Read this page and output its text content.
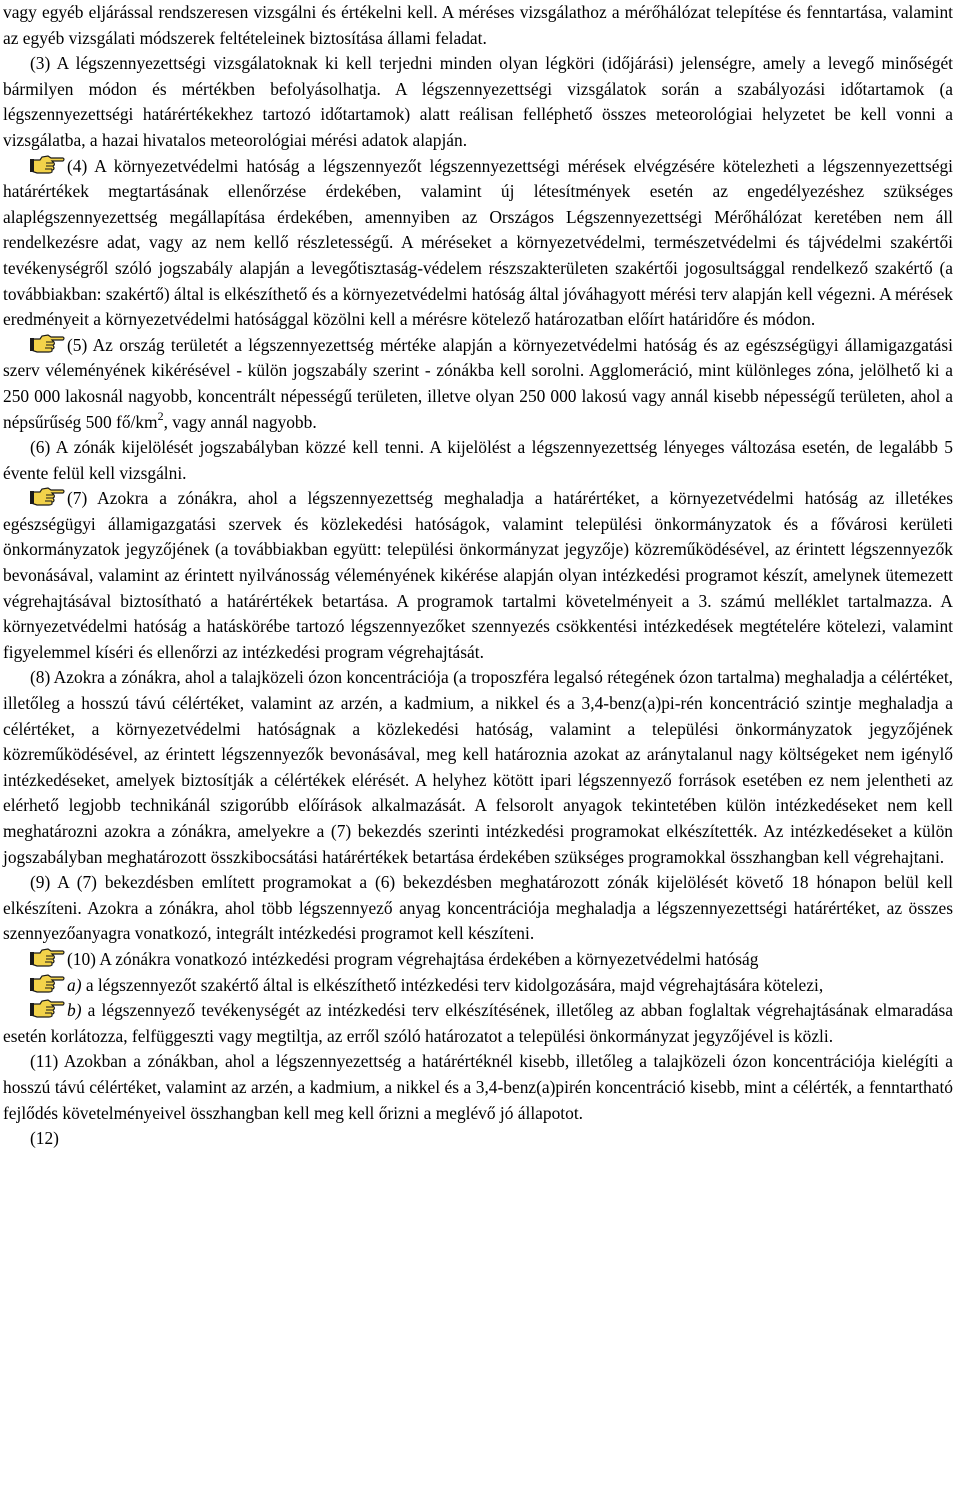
vagy egyéb eljárással rendszeresen vizsgálni és értékelni kell. A méréses vizsgálathoz a mérőhálózat telepítése és fenntartása, valamint az egyéb vizsgálati módszerek feltételeinek biztosítása állami feladat.

(3) A légszennyezettségi vizsgálatoknak ki kell terjedni minden olyan légköri (időjárási) jelenségre, amely a levegő minőségét bármilyen módon és mértékben befolyásolhatja. A légszennyezettségi vizsgálatok során a szabályozási időtartamok (a légszennyezettségi határértékekhez tartozó időtartamok) alatt reálisan felléphető összes meteorológiai helyzetet be kell vonni a vizsgálatba, a hazai hivatalos meteorológiai mérési adatok alapján.

(4) A környezetvédelmi hatóság a légszennyezőt légszennyezettségi mérések elvégzésére kötelezheti a légszennyezettségi határértékek megtartásának ellenőrzése érdekében, valamint új létesítmények esetén az engedélyezéshez szükséges alaplégszennyezettség megállapítása érdekében, amennyiben az Országos Légszennyezettségi Mérőhálózat keretében nem áll rendelkezésre adat, vagy az nem kellő részletességű. A méréseket a környezetvédelmi, természetvédelmi és tájvédelmi szakértői tevékenységről szóló jogszabály alapján a levegőtisztaság-védelem részszakterületen szakértői jogosultsággal rendelkező szakértő (a továbbiakban: szakértő) által is elkészíthető és a környezetvédelmi hatóság által jóváhagyott mérési terv alapján kell végezni. A mérések eredményeit a környezetvédelmi hatósággal közölni kell a mérésre kötelező határozatban előírt határidőre és módon.

(5) Az ország területét a légszennyezettség mértéke alapján a környezetvédelmi hatóság és az egészségügyi államigazgatási szerv véleményének kikérésével - külön jogszabály szerint - zónákba kell sorolni. Agglomeráció, mint különleges zóna, jelölhető ki a 250 000 lakosnál nagyobb, koncentrált népességű területen, illetve olyan 250 000 lakosú vagy annál kisebb népességű területen, ahol a népsűrűség 500 $fő/km^2$, vagy annál nagyobb.

(6) A zónák kijelölését jogszabályban közzé kell tenni. A kijelölést a légszennyezettség lényeges változása esetén, de legalább 5 évente felül kell vizsgálni.

(7) Azokra a zónákra, ahol a légszennyezettség meghaladja a határértéket, a környezetvédelmi hatóság az illetékes egészségügyi államigazgatási szervek és közlekedési hatóságok, valamint települési önkormányzatok és a fővárosi kerületi önkormányzatok jegyzőjének (a továbbiakban együtt: települési önkormányzat jegyzője) közreműködésével, az érintett légszennyezők bevonásával, valamint az érintett nyilvánosság véleményének kikérése alapján olyan intézkedési programot készít, amelynek ütemezett végrehajtásával biztosítható a határértékek betartása. A programok tartalmi követelményeit a 3. számú melléklet tartalmazza. A környezetvédelmi hatóság a hatáskörébe tartozó légszennyezőket szennyezés csökkentési intézkedések megtételére kötelezi, valamint figyelemmel kíséri és ellenőrzi az intézkedési program végrehajtását.

(8) Azokra a zónákra, ahol a talajközeli ózon koncentrációja (a troposzféra legalsó rétegének ózon tartalma) meghaladja a célértéket, illetőleg a hosszú távú célértéket, valamint az arzén, a kadmium, a nikkel és a 3,4-benz(a)pi-rén koncentráció szintje meghaladja a célértéket, a környezetvédelmi hatóságnak a közlekedési hatóság, valamint a települési önkormányzatok jegyzőjének közreműködésével, az érintett légszennyezők bevonásával, meg kell határoznia azokat az aránytalanul nagy költségeket nem igénylő intézkedéseket, amelyek biztosítják a célértékek elérését. A helyhez kötött ipari légszennyező források esetében ez nem jelentheti az elérhető legjobb technikánál szigorúbb előírások alkalmazását. A felsorolt anyagok tekintetében külön intézkedéseket nem kell meghatározni azokra a zónákra, amelyekre a (7) bekezdés szerinti intézkedési programokat elkészítették. Az intézkedéseket a külön jogszabályban meghatározott összkibocsátási határértékek betartása érdekében szükséges programokkal összhangban kell végrehajtani.

(9) A (7) bekezdésben említett programokat a (6) bekezdésben meghatározott zónák kijelölését követő 18 hónapon belül kell elkészíteni. Azokra a zónákra, ahol több légszennyező anyag koncentrációja meghaladja a légszennyezettségi határértéket, az összes szennyezőanyagra vonatkozó, integrált intézkedési programot kell készíteni.

(10) A zónákra vonatkozó intézkedési program végrehajtása érdekében a környezetvédelmi hatóság

a) a légszennyezőt szakértő által is elkészíthető intézkedési terv kidolgozására, majd végrehajtására kötelezi,

b) a légszennyező tevékenységét az intézkedési terv elkészítésének, illetőleg az abban foglaltak végrehajtásának elmaradása esetén korlátozza, felfüggeszti vagy megtiltja, az erről szóló határozatot a települési önkormányzat jegyzőjével is közli.

(11) Azokban a zónákban, ahol a légszennyezettség a határértéknél kisebb, illetőleg a talajközeli ózon koncentrációja kielégíti a hosszú távú célértéket, valamint az arzén, a kadmium, a nikkel és a 3,4-benz(a)pirén koncentráció kisebb, mint a célérték, a fenntartható fejlődés követelményeivel összhangban kell meg kell őrizni a meglévő jó állapotot.

(12)
